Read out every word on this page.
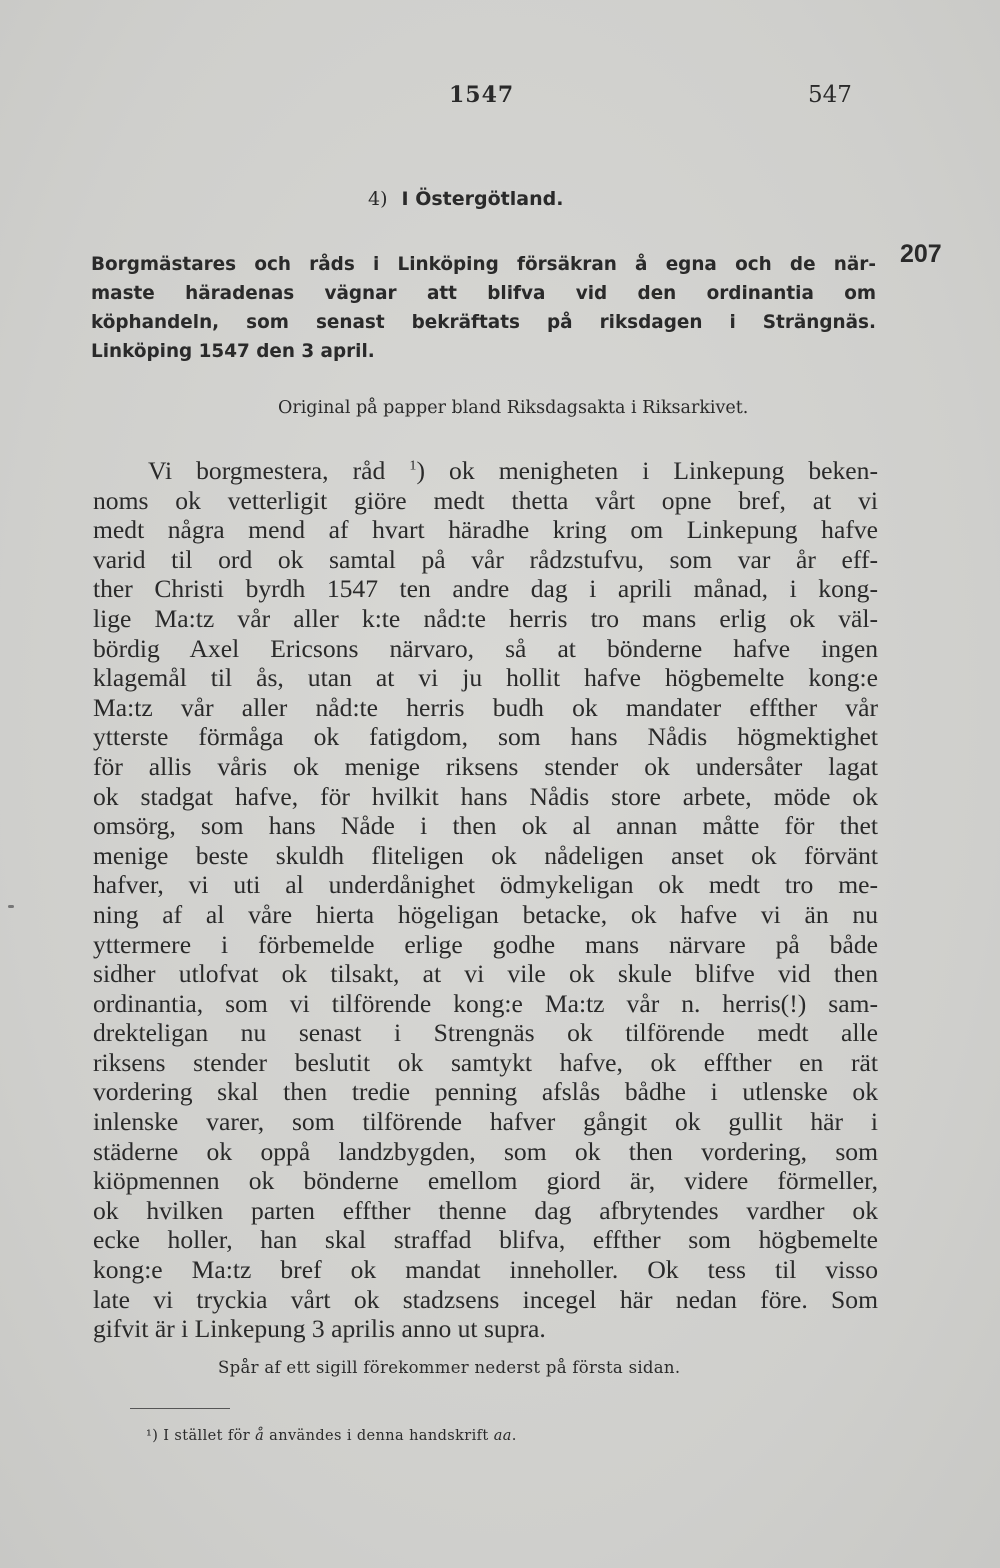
1547	547
4) I Östergötland.
207
Borgmästares och råds i Linköping försäkran å egna och de när-
maste häradenas vägnar att blifva vid den ordinantia om
köphandeln, som senast bekräftats på riksdagen i Strängnäs.
Linköping 1547 den 3 april.
Original på papper bland Riksdagsakta i Riksarkivet.
Vi borgmestera, råd $^1$) ok menigheten i Linkepung beken-
noms ok vetterligit giöre medt thetta vårt opne bref, at vi
medt några mend af hvart häradhe kring om Linkepung hafve
varid til ord ok samtal på vår rådzstufvu, som var år eff-
ther Christi byrdh 1547 ten andre dag i aprili månad, i kong-
lige Ma:tz vår aller k:te nåd:te herris tro mans erlig ok väl-
bördig Axel Ericsons närvaro, så at bönderne hafve ingen
klagemål til ås, utan at vi ju hollit hafve högbemelte kong:e
Ma:tz vår aller nåd:te herris budh ok mandater effther vår
ytterste förmåga ok fatigdom, som hans Nådis högmektighet
för allis våris ok menige riksens stender ok undersåter lagat
ok stadgat hafve, för hvilkit hans Nådis store arbete, möde ok
omsörg, som hans Nåde i then ok al annan måtte för thet
menige beste skuldh fliteligen ok nådeligen anset ok förvänt
hafver, vi uti al underdånighet ödmykeligan ok medt tro me-
ning af al våre hierta högeligan betacke, ok hafve vi än nu
yttermere i förbemelde erlige godhe mans närvare på både
sidher utlofvat ok tilsakt, at vi vile ok skule blifve vid then
ordinantia, som vi tilförende kong:e Ma:tz vår n. herris(!) sam-
drekteligan nu senast i Strengnäs ok tilförende medt alle
riksens stender beslutit ok samtykt hafve, ok effther en rät
vordering skal then tredie penning afslås bådhe i utlenske ok
inlenske varer, som tilförende hafver gångit ok gullit här i
städerne ok oppå landzbygden, som ok then vordering, som
kiöpmennen ok bönderne emellom giord är, videre förmeller,
ok hvilken parten effther thenne dag afbrytendes vardher ok
ecke holler, han skal straffad blifva, effther som högbemelte
kong:e Ma:tz bref ok mandat inneholler. Ok tess til visso
late vi tryckia vårt ok stadzsens incegel här nedan före. Som
gifvit är i Linkepung 3 aprilis anno ut supra.
Spår af ett sigill förekommer nederst på första sidan.
¹) I stället för å användes i denna handskrift aa.
